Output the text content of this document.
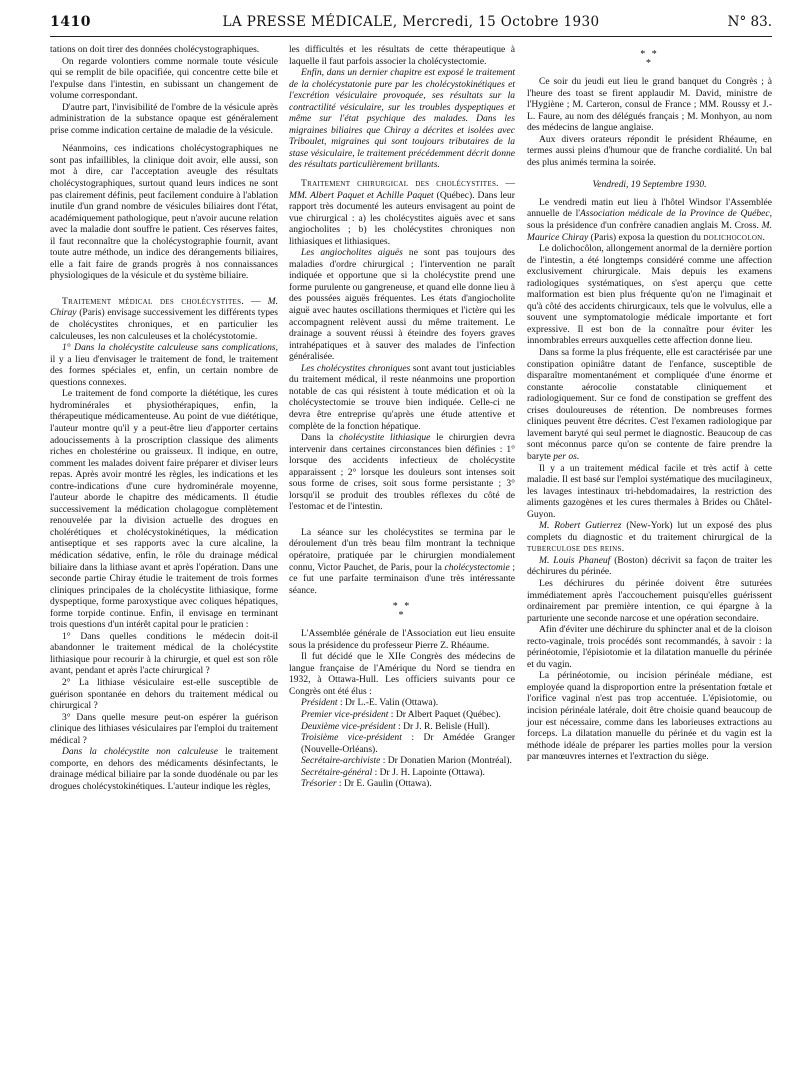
1410	LA PRESSE MÉDICALE, Mercredi, 15 Octobre 1930	N° 83.

tations on doit tirer des données cholécystographiques.

On regarde volontiers comme normale toute vésicule qui se remplit de bile opacifiée, qui concentre cette bile et l'expulse dans l'intestin, en subissant un changement de volume correspondant.

D'autre part, l'invisibilité de l'ombre de la vésicule après administration de la substance opaque est généralement prise comme indication certaine de maladie de la vésicule.

Néanmoins, ces indications cholécystographiques ne sont pas infaillibles, la clinique doit avoir, elle aussi, son mot à dire, car l'acceptation aveugle des résultats cholécystographiques, surtout quand leurs indices ne sont pas clairement définis, peut facilement conduire à l'ablation inutile d'un grand nombre de vésicules biliaires dont l'état, académiquement pathologique, peut n'avoir aucune relation avec la maladie dont souffre le patient. Ces réserves faites, il faut reconnaître que la cholécystographie fournit, avant toute autre méthode, un indice des dérangements biliaires, elle a fait faire de grands progrès à nos connaissances physiologiques de la vésicule et du système biliaire.

Traitement médical des cholécystites. — M. Chiray (Paris) envisage successivement les différents types de cholécystites chroniques, et en particulier les calculeuses, les non calculeuses et la cholécystotomie.

1° Dans la cholécystite calculeuse sans complications, il y a lieu d'envisager le traitement de fond, le traitement des formes spéciales et, enfin, un certain nombre de questions connexes.

Le traitement de fond comporte la diététique, les cures hydrominérales et physiothérapiques, enfin, la thérapeutique médicamenteuse. Au point de vue diététique, l'auteur montre qu'il y a peut-être lieu d'apporter certains adoucissements à la proscription classique des aliments riches en cholestérine ou graisseux. Il indique, en outre, comment les malades doivent faire préparer et diviser leurs repas. Après avoir montré les règles, les indications et les contre-indications d'une cure hydrominérale moyenne, l'auteur aborde le chapitre des médicaments. Il étudie successivement la médication cholagogue complètement renouvelée par la division actuelle des drogues en cholérétiques et cholécystokinétiques, la médication antiseptique et ses rapports avec la cure alcaline, la médication sédative, enfin, le rôle du drainage médical biliaire dans la lithiase avant et après l'opération. Dans une seconde partie Chiray étudie le traitement de trois formes cliniques principales de la cholécystite lithiasique, forme dyspeptique, forme paroxystique avec coliques hépatiques, forme torpide continue. Enfin, il envisage en terminant trois questions d'un intérêt capital pour le praticien :

1° Dans quelles conditions le médecin doit-il abandonner le traitement médical de la cholécystite lithiasique pour recourir à la chirurgie, et quel est son rôle avant, pendant et après l'acte chirurgical ?

2° La lithiase vésiculaire est-elle susceptible de guérison spontanée en dehors du traitement médical ou chirurgical ?

3° Dans quelle mesure peut-on espérer la guérison clinique des lithiases vésiculaires par l'emploi du traitement médical ?

Dans la cholécystite non calculeuse le traitement comporte, en dehors des médicaments désinfectants, le drainage médical biliaire par la sonde duodénale ou par les drogues cholécystokinétiques. L'auteur indique les règles,

les difficultés et les résultats de cette thérapeutique à laquelle il faut parfois associer la cholécystectomie.

Enfin, dans un dernier chapitre est exposé le traitement de la cholécystatonie pure par les cholécystokinétiques et l'excrétion vésiculaire provoquée, ses résultats sur la contractilité vésiculaire, sur les troubles dyspeptiques et même sur l'état psychique des malades. Dans les migraines biliaires que Chiray a décrites et isolées avec Triboulet, migraines qui sont toujours tributaires de la stase vésiculaire, le traitement précédemment décrit donne des résultats particulièrement brillants.

Traitement chirurgical des cholécystites. — MM. Albert Paquet et Achille Paquet (Québec). Dans leur rapport très documenté les auteurs envisagent au point de vue chirurgical : a) les cholécystites aiguës avec et sans angiocholites ; b) les cholécystites chroniques non lithiasiques et lithiasiques.

Les angiocholites aiguës ne sont pas toujours des maladies d'ordre chirurgical ; l'intervention ne paraît indiquée et opportune que si la cholécystite prend une forme purulente ou gangreneuse, et quand elle donne lieu à des poussées aiguës fréquentes. Les états d'angiocholite aiguë avec hautes oscillations thermiques et l'ictère qui les accompagnent relèvent aussi du même traitement. Le drainage a souvent réussi à éteindre des foyers graves intrahépatiques et à sauver des malades de l'infection généralisée.

Les cholécystites chroniques sont avant tout justiciables du traitement médical, il reste néanmoins une proportion notable de cas qui résistent à toute médication et où la cholécystectomie se trouve bien indiquée. Celle-ci ne devra être entreprise qu'après une étude attentive et complète de la fonction hépatique.

Dans la cholécystite lithiasique le chirurgien devra intervenir dans certaines circonstances bien définies : 1° lorsque des accidents infectieux de cholécystite apparaissent ; 2° lorsque les douleurs sont intenses soit sous forme de crises, soit sous forme persistante ; 3° lorsqu'il se produit des troubles réflexes du côté de l'estomac et de l'intestin.

La séance sur les cholécystites se termina par le déroulement d'un très beau film montrant la technique opératoire, pratiquée par le chirurgien mondialement connu, Victor Pauchet, de Paris, pour la cholécystectomie ; ce fut une parfaite terminaison d'une très intéressante séance.

* *
*

L'Assemblée générale de l'Association eut lieu ensuite sous la présidence du professeur Pierre Z. Rhéaume.

Il fut décidé que le XIIe Congrès des médecins de langue française de l'Amérique du Nord se tiendra en 1932, à Ottawa-Hull. Les officiers suivants pour ce Congrès ont été élus :

Président : Dr L.-E. Valin (Ottawa).

Premier vice-président : Dr Albert Paquet (Québec).

Deuxième vice-président : Dr J. R. Belisle (Hull).

Troisième vice-président : Dr Amédée Granger (Nouvelle-Orléans).

Secrétaire-archiviste : Dr Donatien Marion (Montréal).

Secrétaire-général : Dr J. H. Lapointe (Ottawa).

Trésorier : Dr E. Gaulin (Ottawa).

* *
*

Ce soir du jeudi eut lieu le grand banquet du Congrès ; à l'heure des toast se firent applaudir M. David, ministre de l'Hygiène ; M. Carteron, consul de France ; MM. Roussy et J.-L. Faure, au nom des délégués français ; M. Monhyon, au nom des médecins de langue anglaise.

Aux divers orateurs répondit le président Rhéaume, en termes aussi pleins d'humour que de franche cordialité. Un bal des plus animés termina la soirée.

Vendredi, 19 Septembre 1930.

Le vendredi matin eut lieu à l'hôtel Windsor l'Assemblée annuelle de l'Association médicale de la Province de Québec, sous la présidence d'un confrère canadien anglais M. Cross. M. Maurice Chiray (Paris) exposa la question du dolichocolon.

Le dolichocôlon, allongement anormal de la dernière portion de l'intestin, a été longtemps considéré comme une affection exclusivement chirurgicale. Mais depuis les examens radiologiques systématiques, on s'est aperçu que cette malformation est bien plus fréquente qu'on ne l'imaginait et qu'à côté des accidents chirurgicaux, tels que le volvulus, elle a souvent une symptomatologie médicale importante et fort expressive. Il est bon de la connaître pour éviter les innombrables erreurs auxquelles cette affection donne lieu.

Dans sa forme la plus fréquente, elle est caractérisée par une constipation opiniâtre datant de l'enfance, susceptible de disparaître momentanément et compliquée d'une énorme et constante aérocolie constatable cliniquement et radiologiquement. Sur ce fond de constipation se greffent des crises douloureuses de rétention. De nombreuses formes cliniques peuvent être décrites. C'est l'examen radiologique par lavement baryté qui seul permet le diagnostic. Beaucoup de cas sont méconnus parce qu'on se contente de faire prendre la baryte per os.

Il y a un traitement médical facile et très actif à cette maladie. Il est basé sur l'emploi systématique des mucilagineux, les lavages intestinaux tri-hebdomadaires, la restriction des aliments gazogènes et les cures thermales à Brides ou Châtel-Guyon.

M. Robert Gutierrez (New-York) lut un exposé des plus complets du diagnostic et du traitement chirurgical de la tuberculose des reins.

M. Louis Phaneuf (Boston) décrivit sa façon de traiter les déchirures du périnée.

Les déchirures du périnée doivent être suturées immédiatement après l'accouchement puisqu'elles guérissent ordinairement par première intention, ce qui épargne à la parturiente une seconde narcose et une opération secondaire.

Afin d'éviter une déchirure du sphincter anal et de la cloison recto-vaginale, trois procédés sont recommandés, à savoir : la périnéotomie, l'épisiotomie et la dilatation manuelle du périnée et du vagin.

La périnéotomie, ou incision périnéale médiane, est employée quand la disproportion entre la présentation fœtale et l'orifice vaginal n'est pas trop accentuée. L'épisiotomie, ou incision périnéale latérale, doit être choisie quand beaucoup de jour est nécessaire, comme dans les laborieuses extractions au forceps. La dilatation manuelle du périnée et du vagin est la méthode idéale de préparer les parties molles pour la version par manœuvres internes et l'extraction du siège.
